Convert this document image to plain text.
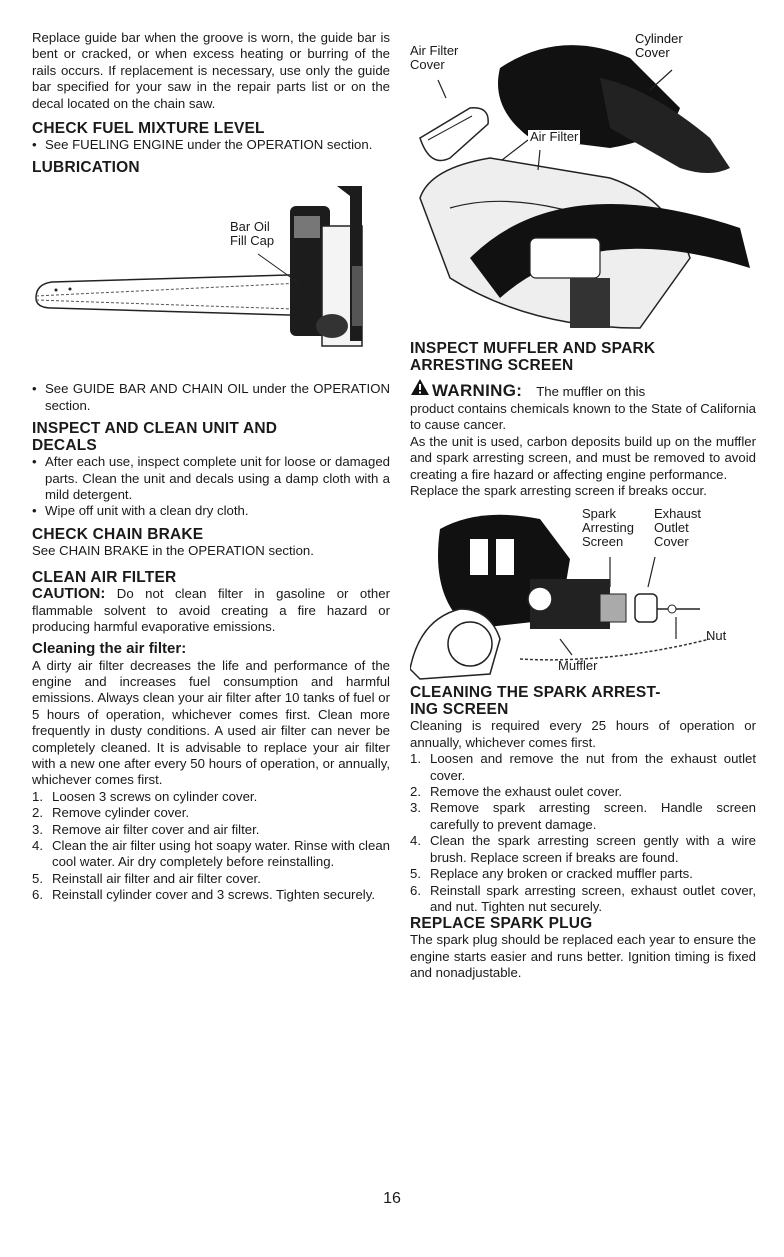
Replace guide bar when the groove is worn, the guide bar is bent or cracked, or when excess heating or burring of the rails occurs. If replacement is necessary, use only the guide bar specified for your saw in the repair parts list or on the decal located on the chain saw.

CHECK FUEL MIXTURE LEVEL
• See FUELING ENGINE under the OPERATION section.
LUBRICATION
Bar Oil
Fill Cap
• See GUIDE BAR AND CHAIN OIL under the OPERATION section.
INSPECT AND CLEAN UNIT AND
DECALS
• After each use, inspect complete unit for loose or damaged parts. Clean the unit and decals using a damp cloth with a mild detergent.
• Wipe off unit with a clean dry cloth.
CHECK CHAIN BRAKE

See CHAIN BRAKE in the OPERATION section.

CLEAN AIR FILTER

CAUTION: Do not clean filter in gasoline or other flammable solvent to avoid creating a fire hazard or producing harmful evaporative emissions.

Cleaning the air filter:

A dirty air filter decreases the life and performance of the engine and increases fuel consumption and harmful emissions. Always clean your air filter after 10 tanks of fuel or 5 hours of operation, whichever comes first. Clean more frequently in dusty conditions. A used air filter can never be completely cleaned. It is advisable to replace your air filter with a new one after every 50 hours of operation, or annually, whichever comes first.

1. Loosen 3 screws on cylinder cover.
2. Remove cylinder cover.
3. Remove air filter cover and air filter.
4. Clean the air filter using hot soapy water. Rinse with clean cool water. Air dry completely before reinstalling.
5. Reinstall air filter and air filter cover.
6. Reinstall cylinder cover and 3 screws. Tighten securely.
Air Filter
Cover
Cylinder
Cover
Air Filter
INSPECT MUFFLER AND SPARK
ARRESTING SCREEN
WARNING: The muffler on this

product contains chemicals known to the State of California to cause cancer.

As the unit is used, carbon deposits build up on the muffler and spark arresting screen, and must be removed to avoid creating a fire hazard or affecting engine performance.

Replace the spark arresting screen if breaks occur.

Spark
Arresting
Screen
Exhaust
Outlet
Cover
Nut
Muffler
CLEANING THE SPARK ARREST-
ING SCREEN

Cleaning is required every 25 hours of operation or annually, whichever comes first.

1. Loosen and remove the nut from the exhaust outlet cover.
2. Remove the exhaust oulet cover.
3. Remove spark arresting screen. Handle screen carefully to prevent damage.
4. Clean the spark arresting screen gently with a wire brush. Replace screen if breaks are found.
5. Replace any broken or cracked muffler parts.
6. Reinstall spark arresting screen, exhaust outlet cover, and nut. Tighten nut securely.
REPLACE SPARK PLUG

The spark plug should be replaced each year to ensure the engine starts easier and runs better. Ignition timing is fixed and nonadjustable.

16
